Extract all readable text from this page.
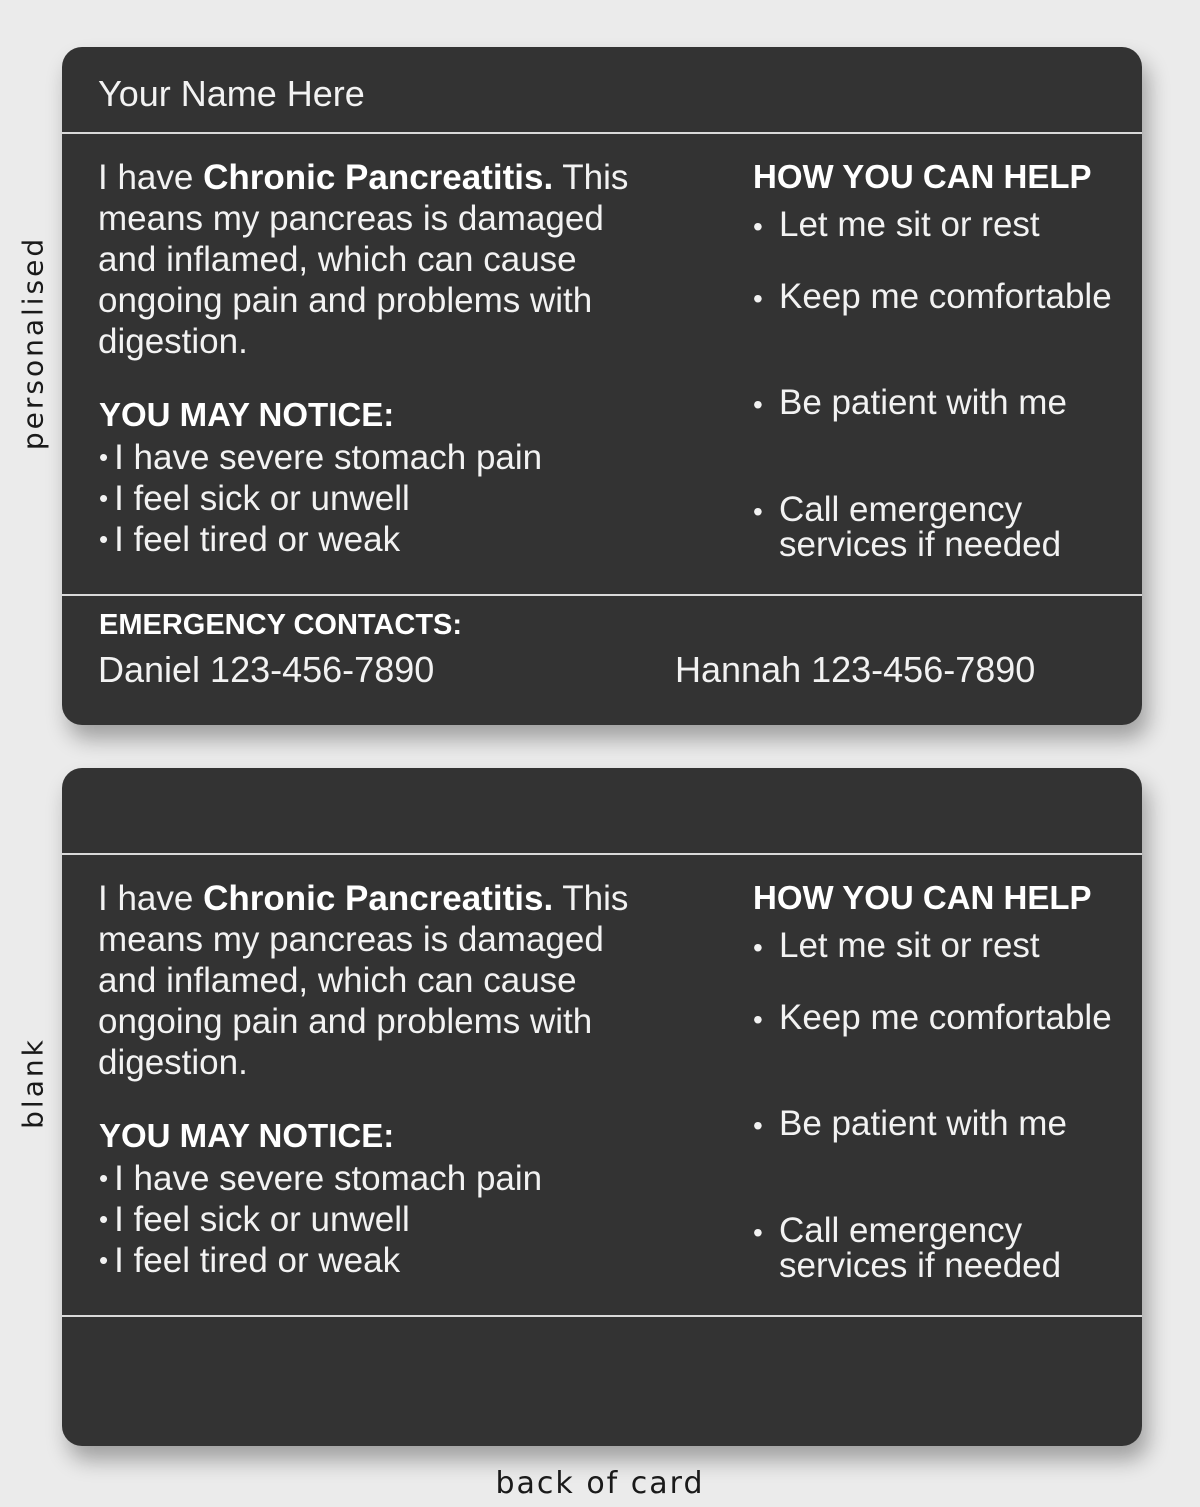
personalised
blank
Your Name Here
I have Chronic Pancreatitis. This means my pancreas is damaged and inflamed, which can cause ongoing pain and problems with digestion.
YOU MAY NOTICE:
• I have severe stomach pain
• I feel sick or unwell
• I feel tired or weak
HOW YOU CAN HELP
• Let me sit or rest
• Keep me comfortable
• Be patient with me
• Call emergency services if needed
EMERGENCY CONTACTS:
Daniel 123-456-7890	Hannah 123-456-7890
I have Chronic Pancreatitis. This means my pancreas is damaged and inflamed, which can cause ongoing pain and problems with digestion.
YOU MAY NOTICE:
• I have severe stomach pain
• I feel sick or unwell
• I feel tired or weak
HOW YOU CAN HELP
• Let me sit or rest
• Keep me comfortable
• Be patient with me
• Call emergency services if needed
back of card
